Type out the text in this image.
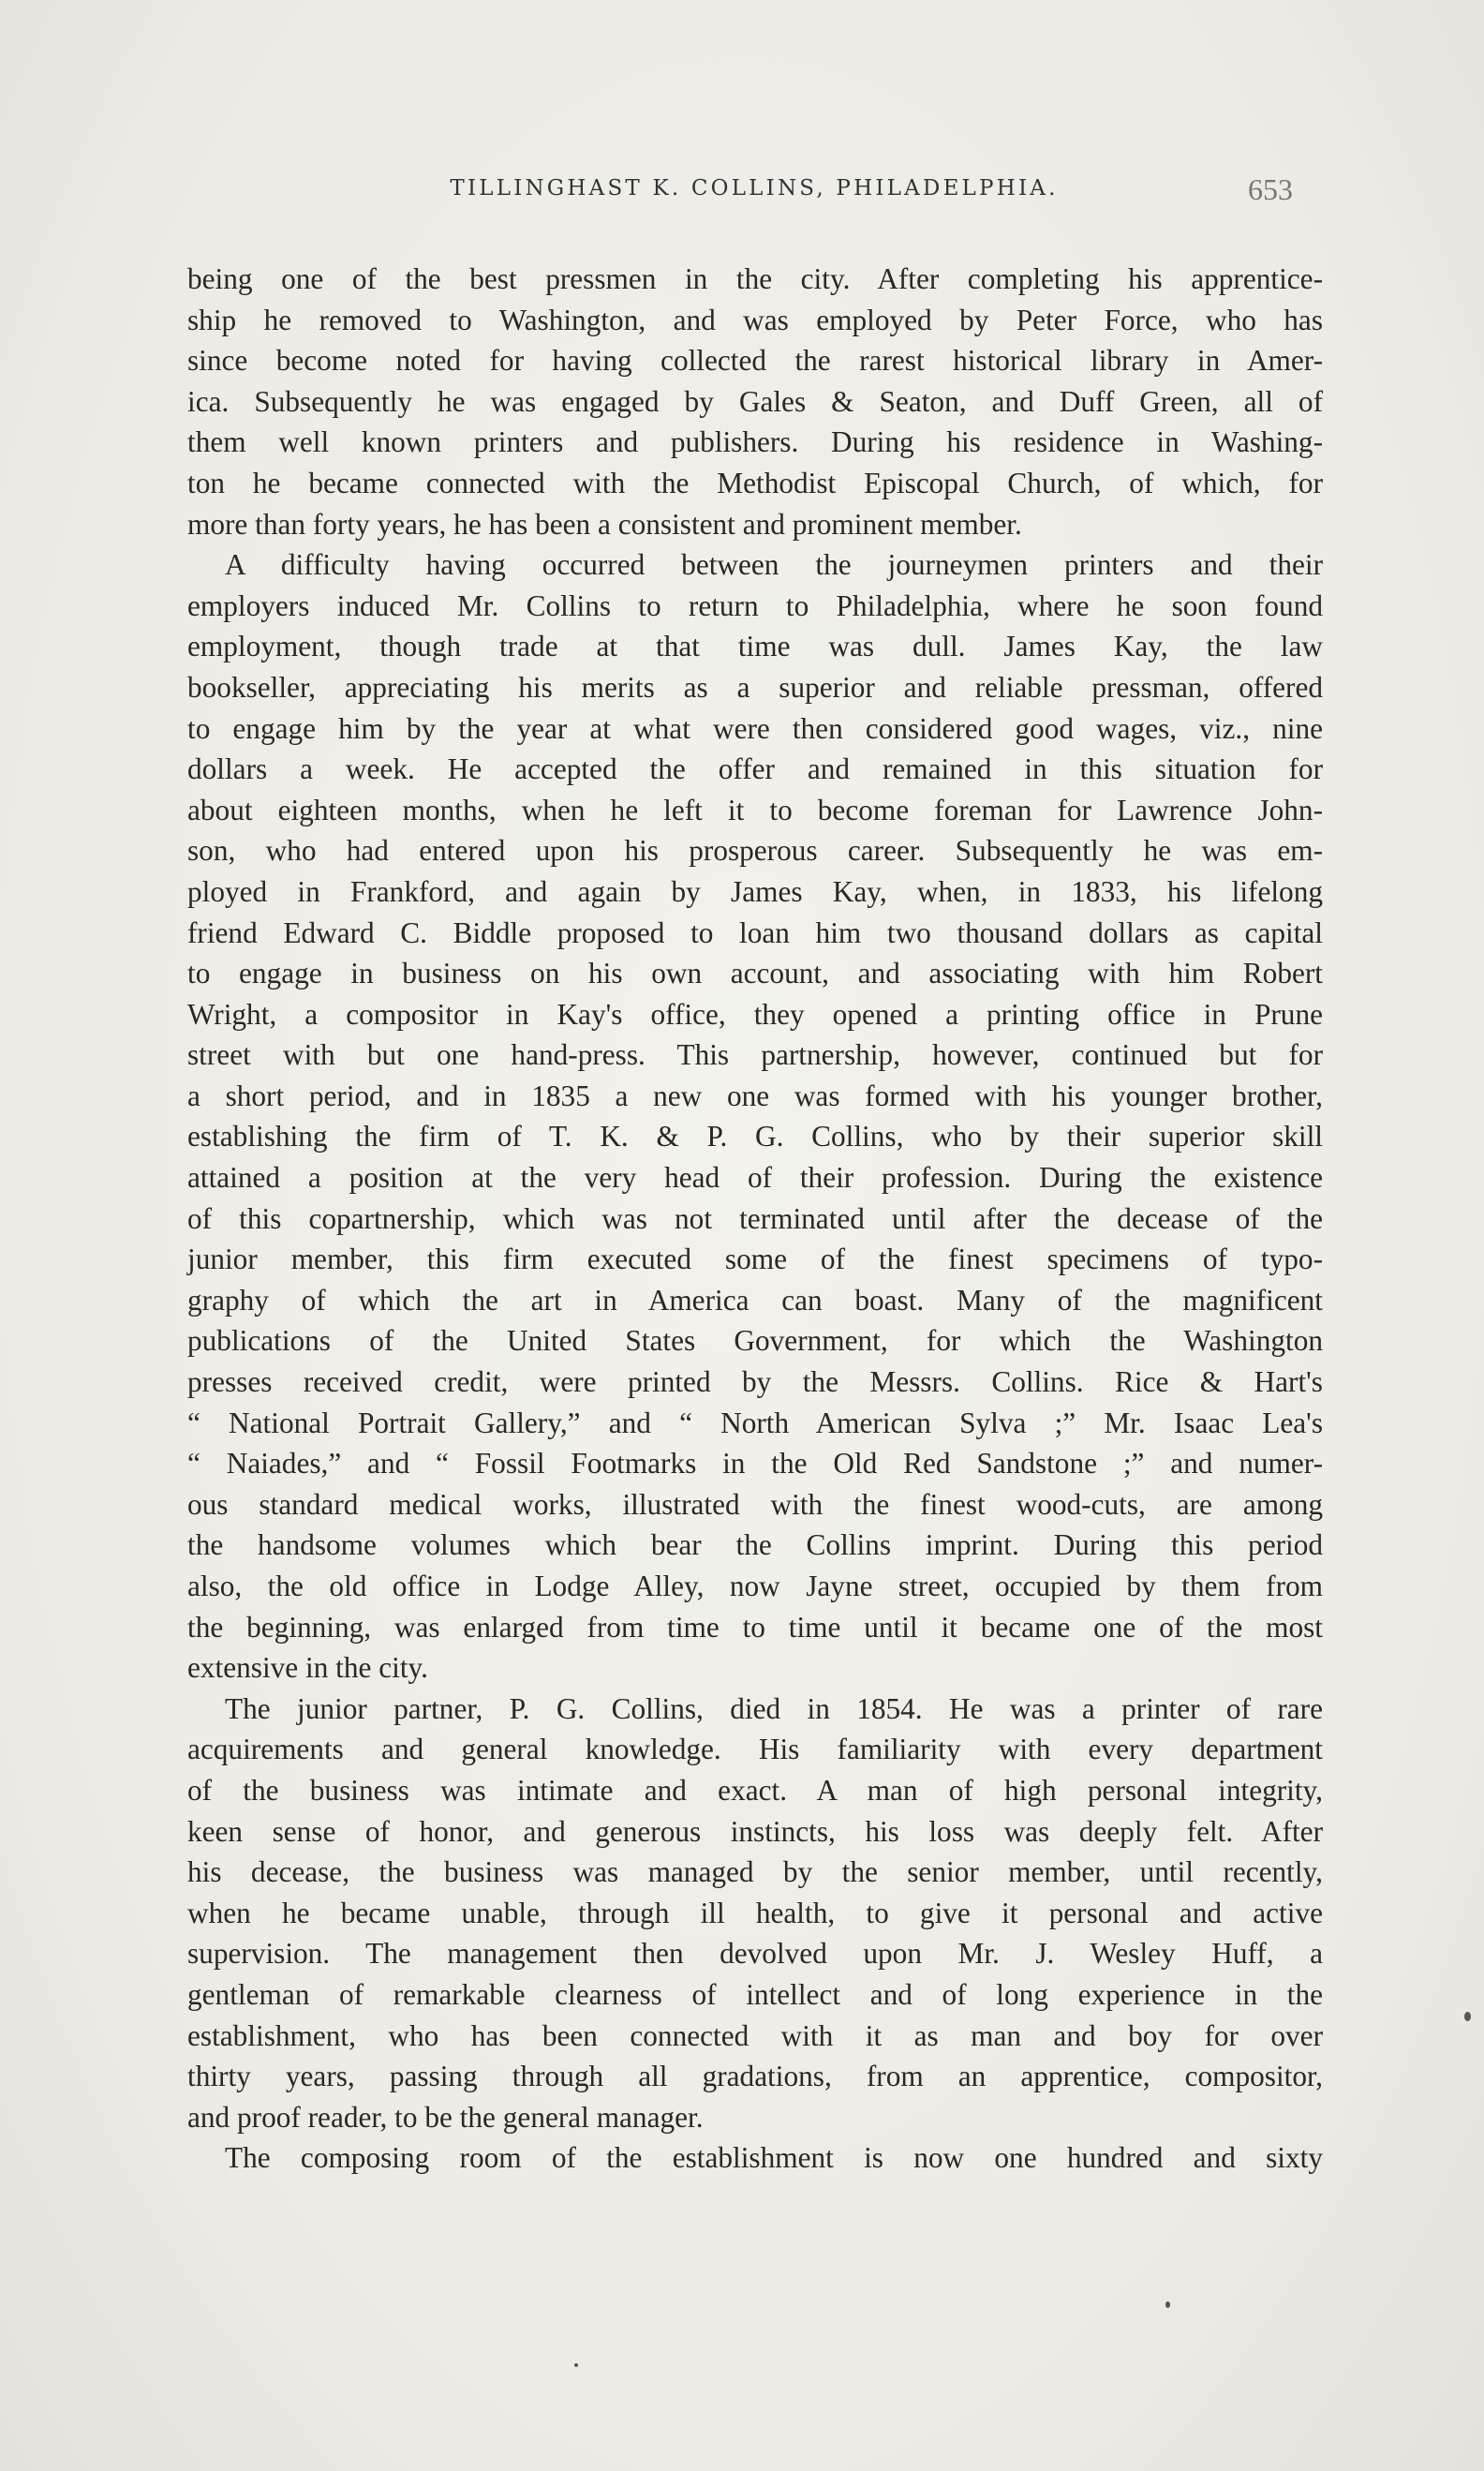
TILLINGHAST K. COLLINS, PHILADELPHIA.	653

being one of the best pressmen in the city. After completing his apprentice-

ship he removed to Washington, and was employed by Peter Force, who has

since become noted for having collected the rarest historical library in Amer-

ica. Subsequently he was engaged by Gales & Seaton, and Duff Green, all of

them well known printers and publishers. During his residence in Washing-

ton he became connected with the Methodist Episcopal Church, of which, for

more than forty years, he has been a consistent and prominent member.

A difficulty having occurred between the journeymen printers and their

employers induced Mr. Collins to return to Philadelphia, where he soon found

employment, though trade at that time was dull. James Kay, the law

bookseller, appreciating his merits as a superior and reliable pressman, offered

to engage him by the year at what were then considered good wages, viz., nine

dollars a week. He accepted the offer and remained in this situation for

about eighteen months, when he left it to become foreman for Lawrence John-

son, who had entered upon his prosperous career. Subsequently he was em-

ployed in Frankford, and again by James Kay, when, in 1833, his lifelong

friend Edward C. Biddle proposed to loan him two thousand dollars as capital

to engage in business on his own account, and associating with him Robert

Wright, a compositor in Kay's office, they opened a printing office in Prune

street with but one hand-press. This partnership, however, continued but for

a short period, and in 1835 a new one was formed with his younger brother,

establishing the firm of T. K. & P. G. Collins, who by their superior skill

attained a position at the very head of their profession. During the existence

of this copartnership, which was not terminated until after the decease of the

junior member, this firm executed some of the finest specimens of typo-

graphy of which the art in America can boast. Many of the magnificent

publications of the United States Government, for which the Washington

presses received credit, were printed by the Messrs. Collins. Rice & Hart's

“ National Portrait Gallery,” and “ North American Sylva ;” Mr. Isaac Lea's

“ Naiades,” and “ Fossil Footmarks in the Old Red Sandstone ;” and numer-

ous standard medical works, illustrated with the finest wood-cuts, are among

the handsome volumes which bear the Collins imprint. During this period

also, the old office in Lodge Alley, now Jayne street, occupied by them from

the beginning, was enlarged from time to time until it became one of the most

extensive in the city.

The junior partner, P. G. Collins, died in 1854. He was a printer of rare

acquirements and general knowledge. His familiarity with every department

of the business was intimate and exact. A man of high personal integrity,

keen sense of honor, and generous instincts, his loss was deeply felt. After

his decease, the business was managed by the senior member, until recently,

when he became unable, through ill health, to give it personal and active

supervision. The management then devolved upon Mr. J. Wesley Huff, a

gentleman of remarkable clearness of intellect and of long experience in the

establishment, who has been connected with it as man and boy for over

thirty years, passing through all gradations, from an apprentice, compositor,

and proof reader, to be the general manager.

The composing room of the establishment is now one hundred and sixty
